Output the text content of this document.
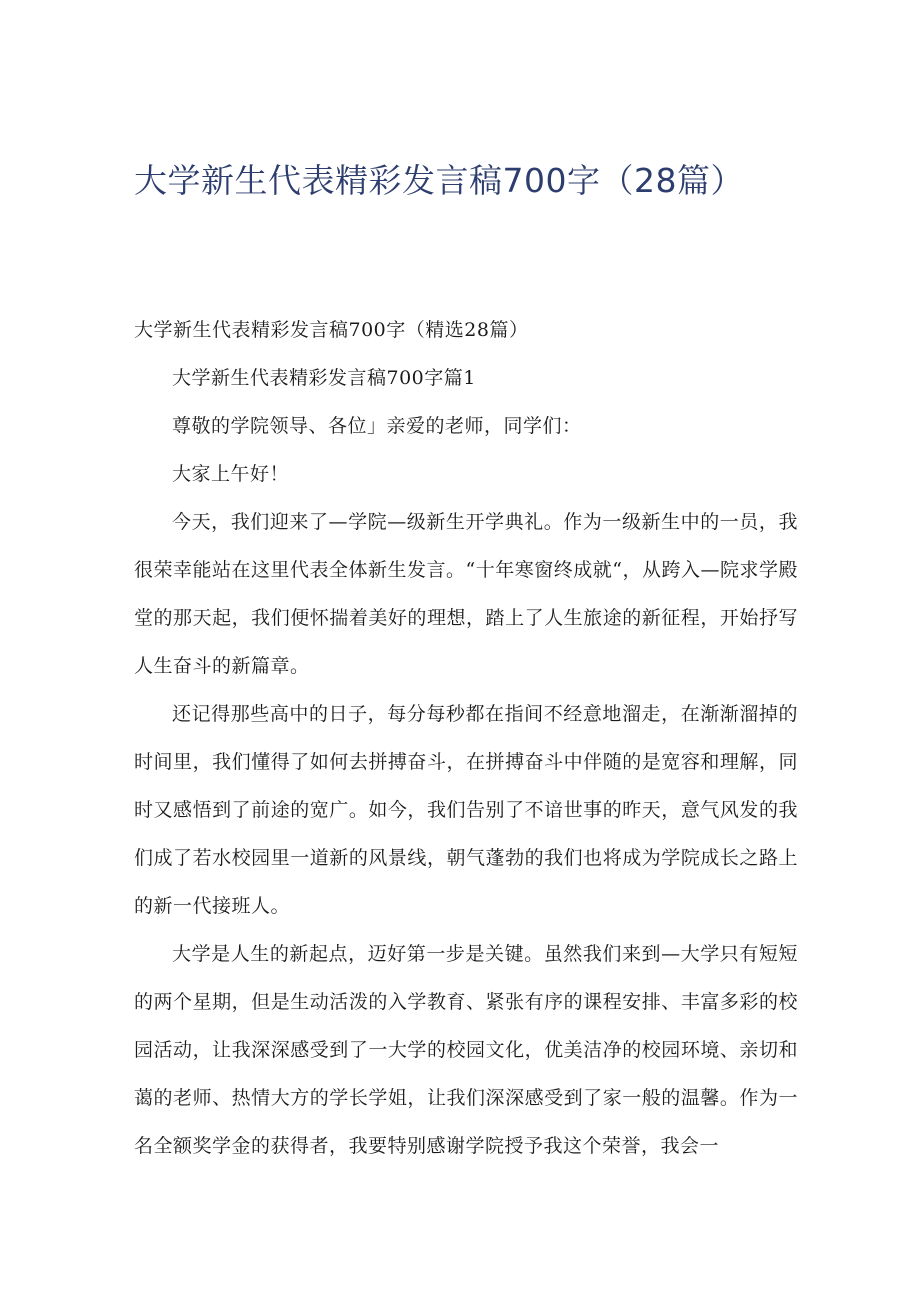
大学新生代表精彩发言稿700字（28篇）

大学新生代表精彩发言稿700字（精选28篇）

大学新生代表精彩发言稿700字篇1

尊敬的学院领导、各位」亲爱的老师，同学们：

大家上午好！

今天，我们迎来了—学院—级新生开学典礼。作为一级新生中的一员，我很荣幸能站在这里代表全体新生发言。“十年寒窗终成就“，从跨入—院求学殿堂的那天起，我们便怀揣着美好的理想，踏上了人生旅途的新征程，开始抒写人生奋斗的新篇章。

还记得那些高中的日子，每分每秒都在指间不经意地溜走，在渐渐溜掉的时间里，我们懂得了如何去拼搏奋斗，在拼搏奋斗中伴随的是宽容和理解，同时又感悟到了前途的宽广。如今，我们告别了不谙世事的昨天，意气风发的我们成了若水校园里一道新的风景线，朝气蓬勃的我们也将成为学院成长之路上的新一代接班人。

大学是人生的新起点，迈好第一步是关键。虽然我们来到—大学只有短短的两个星期，但是生动活泼的入学教育、紧张有序的课程安排、丰富多彩的校园活动，让我深深感受到了一大学的校园文化，优美洁净的校园环境、亲切和蔼的老师、热情大方的学长学姐，让我们深深感受到了家一般的温馨。作为一名全额奖学金的获得者，我要特别感谢学院授予我这个荣誉，我会一
